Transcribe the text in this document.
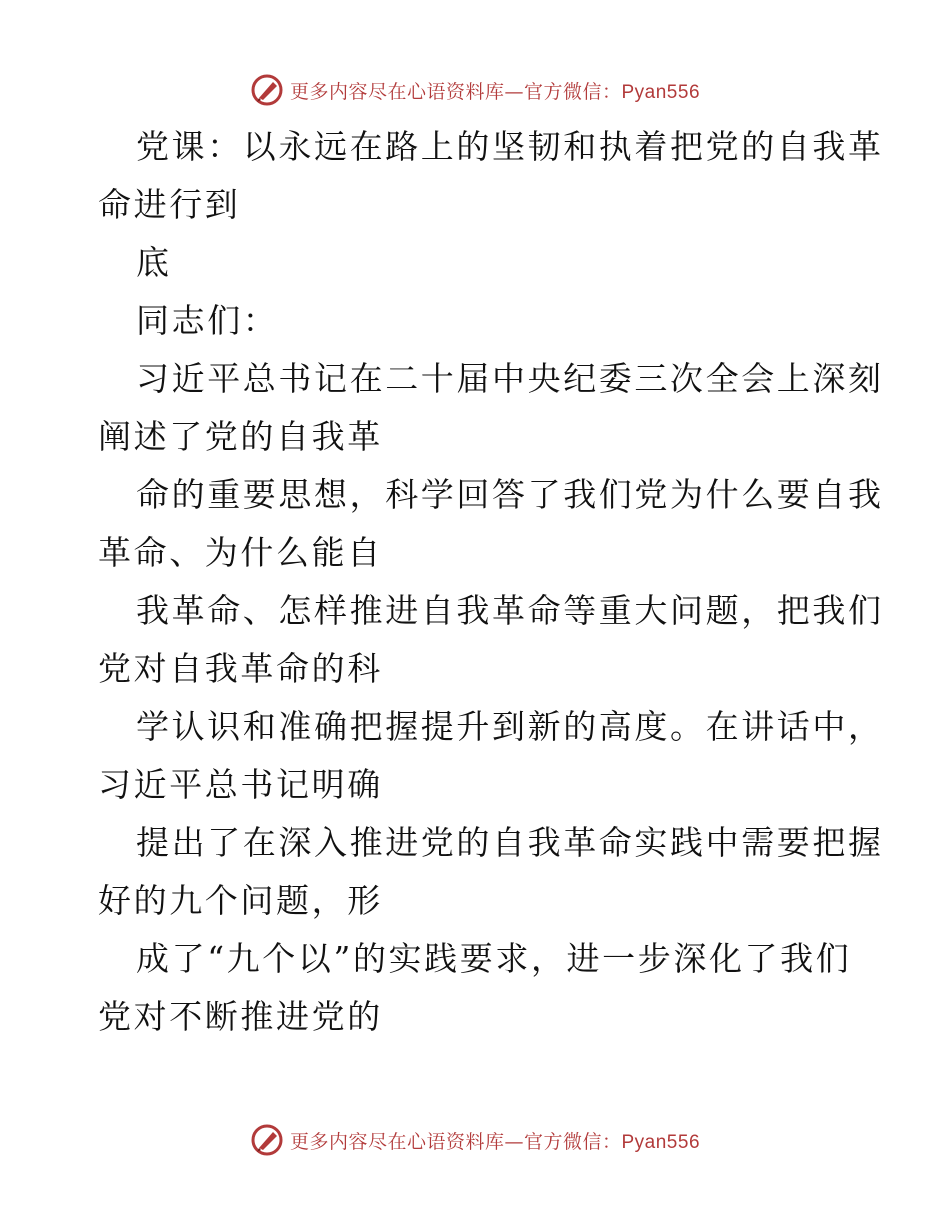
更多内容尽在心语资料库—官方微信：Pyan556
党课：以永远在路上的坚韧和执着把党的自我革
命进行到
底
同志们：
习近平总书记在二十届中央纪委三次全会上深刻
阐述了党的自我革
命的重要思想，科学回答了我们党为什么要自我
革命、为什么能自
我革命、怎样推进自我革命等重大问题，把我们
党对自我革命的科
学认识和准确把握提升到新的高度。在讲话中，
习近平总书记明确
提出了在深入推进党的自我革命实践中需要把握
好的九个问题，形
成了“九个以”的实践要求，进一步深化了我们
党对不断推进党的
更多内容尽在心语资料库—官方微信：Pyan556
